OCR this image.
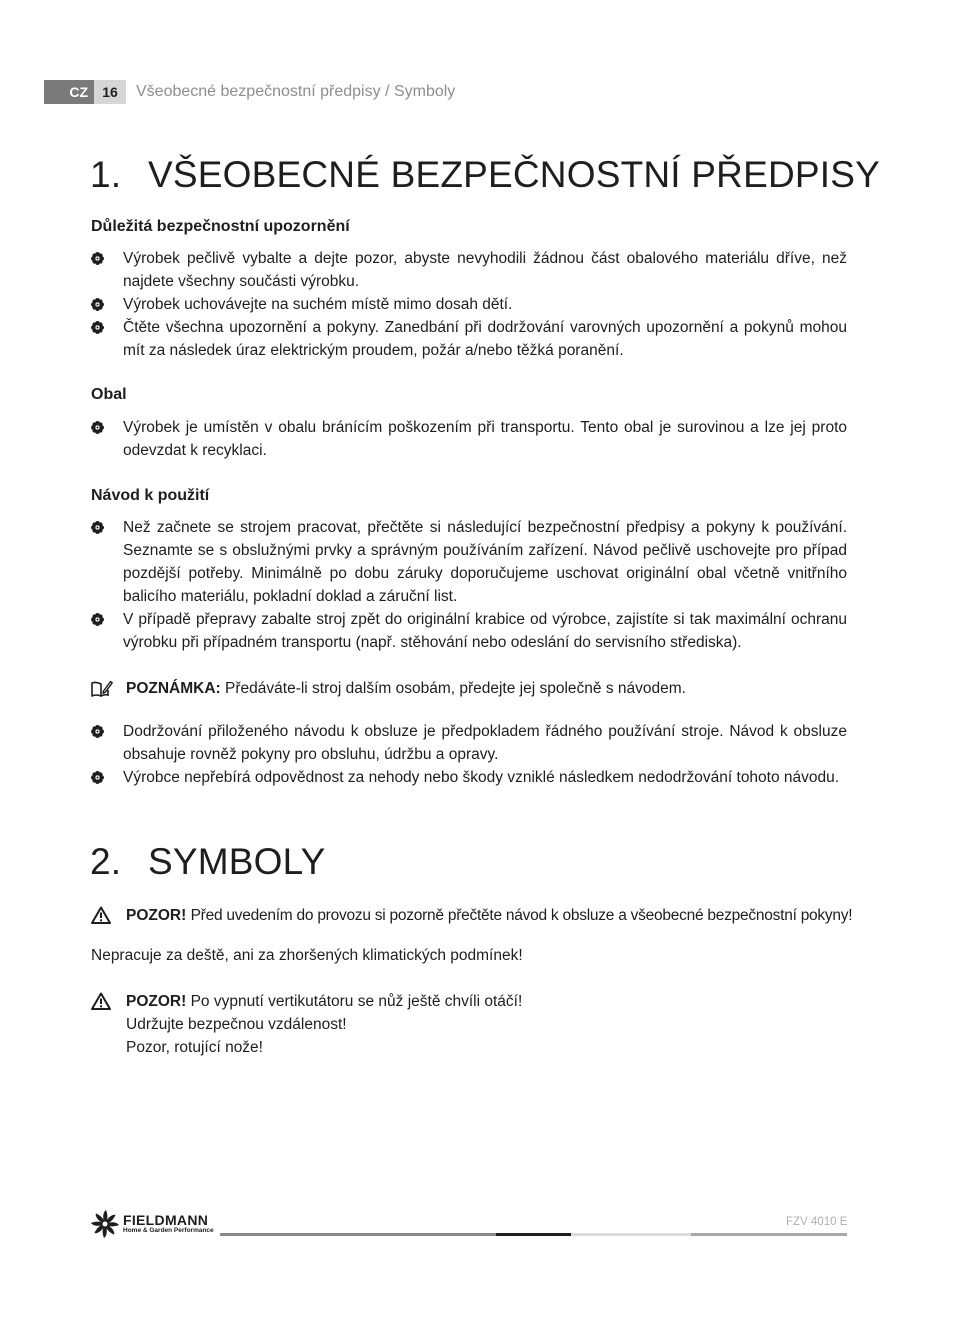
CZ	16	Všeobecné bezpečnostní předpisy / Symboly
1. VŠEOBECNÉ BEZPEČNOSTNÍ PŘEDPISY
Důležitá bezpečnostní upozornění
Výrobek pečlivě vybalte a dejte pozor, abyste nevyhodili žádnou část obalového materiálu dříve, než najdete všechny součásti výrobku.
Výrobek uchovávejte na suchém místě mimo dosah dětí.
Čtěte všechna upozornění a pokyny. Zanedbání při dodržování varovných upozornění a pokynů mohou mít za následek úraz elektrickým proudem, požár a/nebo těžká poranění.
Obal
Výrobek je umístěn v obalu bránícím poškozením při transportu. Tento obal je surovinou a lze jej proto odevzdat k recyklaci.
Návod k použití
Než začnete se strojem pracovat, přečtěte si následující bezpečnostní předpisy a pokyny k používání. Seznamte se s obslužnými prvky a správným používáním zařízení. Návod pečlivě uschovejte pro případ pozdější potřeby. Minimálně po dobu záruky doporučujeme uschovat originální obal včetně vnitřního balicího materiálu, pokladní doklad a záruční list.
V případě přepravy zabalte stroj zpět do originální krabice od výrobce, zajistíte si tak maximální ochranu výrobku při případném transportu (např. stěhování nebo odeslání do servisního střediska).
POZNÁMKA: Předáváte-li stroj dalším osobám, předejte jej společně s návodem.
Dodržování přiloženého návodu k obsluze je předpokladem řádného používání stroje. Návod k obsluze obsahuje rovněž pokyny pro obsluhu, údržbu a opravy.
Výrobce nepřebírá odpovědnost za nehody nebo škody vzniklé následkem nedodržování tohoto návodu.
2. SYMBOLY
POZOR! Před uvedením do provozu si pozorně přečtěte návod k obsluze a všeobecné bezpečnostní pokyny!
Nepracuje za deště, ani za zhoršených klimatických podmínek!
POZOR! Po vypnutí vertikutátoru se nůž ještě chvíli otáčí!
Udržujte bezpečnou vzdálenost!
Pozor, rotující nože!
FIELDMANN
Home & Garden Performance
FZV 4010 E
